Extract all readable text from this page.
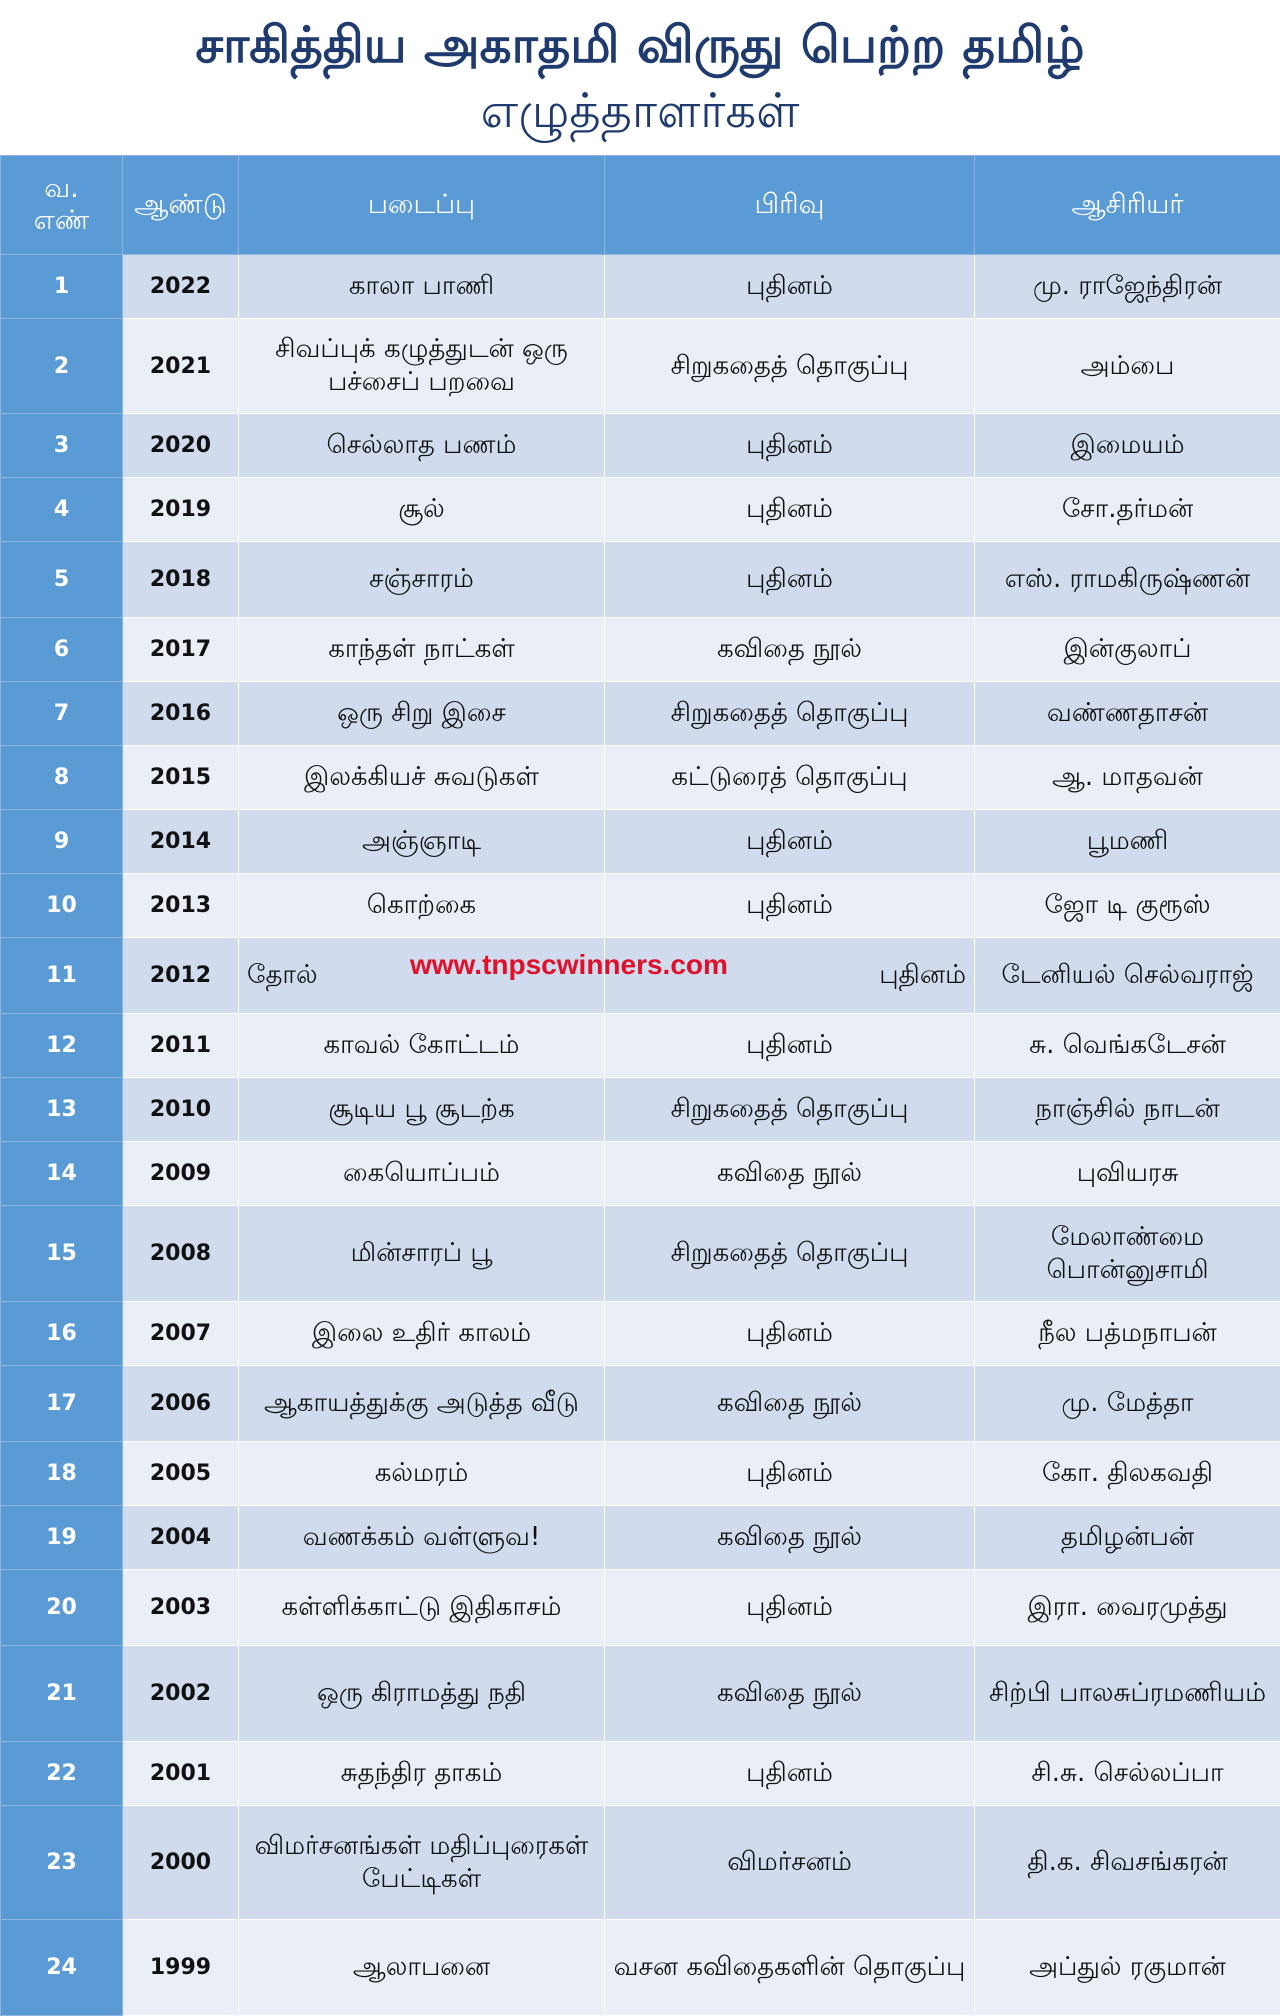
சாகித்திய அகாதமி விருது பெற்ற தமிழ்
எழுத்தாளர்கள்
வ. எண்	ஆண்டு	படைப்பு	பிரிவு	ஆசிரியர்
1	2022	காலா பாணி	புதினம்	மு. ராஜேந்திரன்
2	2021	சிவப்புக் கழுத்துடன் ஒரு பச்சைப் பறவை	சிறுகதைத் தொகுப்பு	அம்பை
3	2020	செல்லாத பணம்	புதினம்	இமையம்
4	2019	சூல்	புதினம்	சோ.தர்மன்
5	2018	சஞ்சாரம்	புதினம்	எஸ். ராமகிருஷ்ணன்
6	2017	காந்தள் நாட்கள்	கவிதை நூல்	இன்குலாப்
7	2016	ஒரு சிறு இசை	சிறுகதைத் தொகுப்பு	வண்ணதாசன்
8	2015	இலக்கியச் சுவடுகள்	கட்டுரைத் தொகுப்பு	ஆ. மாதவன்
9	2014	அஞ்ஞாடி	புதினம்	பூமணி
10	2013	கொற்கை	புதினம்	ஜோ டி குரூஸ்
11	2012	தோல்	புதினம்	டேனியல் செல்வராஜ்
12	2011	காவல் கோட்டம்	புதினம்	சு. வெங்கடேசன்
13	2010	சூடிய பூ சூடற்க	சிறுகதைத் தொகுப்பு	நாஞ்சில் நாடன்
14	2009	கையொப்பம்	கவிதை நூல்	புவியரசு
15	2008	மின்சாரப் பூ	சிறுகதைத் தொகுப்பு	மேலாண்மை பொன்னுசாமி
16	2007	இலை உதிர் காலம்	புதினம்	நீல பத்மநாபன்
17	2006	ஆகாயத்துக்கு அடுத்த வீடு	கவிதை நூல்	மு. மேத்தா
18	2005	கல்மரம்	புதினம்	கோ. திலகவதி
19	2004	வணக்கம் வள்ளுவ!	கவிதை நூல்	தமிழன்பன்
20	2003	கள்ளிக்காட்டு இதிகாசம்	புதினம்	இரா. வைரமுத்து
21	2002	ஒரு கிராமத்து நதி	கவிதை நூல்	சிற்பி பாலசுப்ரமணியம்
22	2001	சுதந்திர தாகம்	புதினம்	சி.சு. செல்லப்பா
23	2000	விமர்சனங்கள் மதிப்புரைகள் பேட்டிகள்	விமர்சனம்	தி.க. சிவசங்கரன்
24	1999	ஆலாபனை	வசன கவிதைகளின் தொகுப்பு	அப்துல் ரகுமான்
www.tnpscwinners.com
